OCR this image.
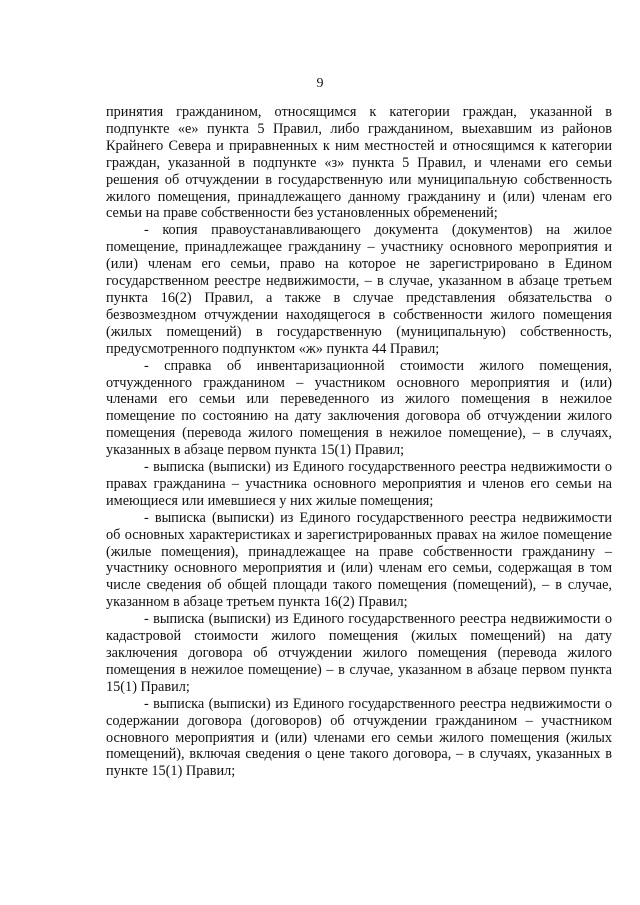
9

принятия гражданином, относящимся к категории граждан, указанной в подпункте «е» пункта 5 Правил, либо гражданином, выехавшим из районов Крайнего Севера и приравненных к ним местностей и относящимся к категории граждан, указанной в подпункте «з» пункта 5 Правил, и членами его семьи решения об отчуждении в государственную или муниципальную собственность жилого помещения, принадлежащего данному гражданину и (или) членам его семьи на праве собственности без установленных обременений;

- копия правоустанавливающего документа (документов) на жилое помещение, принадлежащее гражданину – участнику основного мероприятия и (или) членам его семьи, право на которое не зарегистрировано в Едином государственном реестре недвижимости, – в случае, указанном в абзаце третьем пункта 16(2) Правил, а также в случае представления обязательства о безвозмездном отчуждении находящегося в собственности жилого помещения (жилых помещений) в государственную (муниципальную) собственность, предусмотренного подпунктом «ж» пункта 44 Правил;

- справка об инвентаризационной стоимости жилого помещения, отчужденного гражданином – участником основного мероприятия и (или) членами его семьи или переведенного из жилого помещения в нежилое помещение по состоянию на дату заключения договора об отчуждении жилого помещения (перевода жилого помещения в нежилое помещение), – в случаях, указанных в абзаце первом пункта 15(1) Правил;

- выписка (выписки) из Единого государственного реестра недвижимости о правах гражданина – участника основного мероприятия и членов его семьи на имеющиеся или имевшиеся у них жилые помещения;

- выписка (выписки) из Единого государственного реестра недвижимости об основных характеристиках и зарегистрированных правах на жилое помещение (жилые помещения), принадлежащее на праве собственности гражданину – участнику основного мероприятия и (или) членам его семьи, содержащая в том числе сведения об общей площади такого помещения (помещений), – в случае, указанном в абзаце третьем пункта 16(2) Правил;

- выписка (выписки) из Единого государственного реестра недвижимости о кадастровой стоимости жилого помещения (жилых помещений) на дату заключения договора об отчуждении жилого помещения (перевода жилого помещения в нежилое помещение) – в случае, указанном в абзаце первом пункта 15(1) Правил;

- выписка (выписки) из Единого государственного реестра недвижимости о содержании договора (договоров) об отчуждении гражданином – участником основного мероприятия и (или) членами его семьи жилого помещения (жилых помещений), включая сведения о цене такого договора, – в случаях, указанных в пункте 15(1) Правил;
